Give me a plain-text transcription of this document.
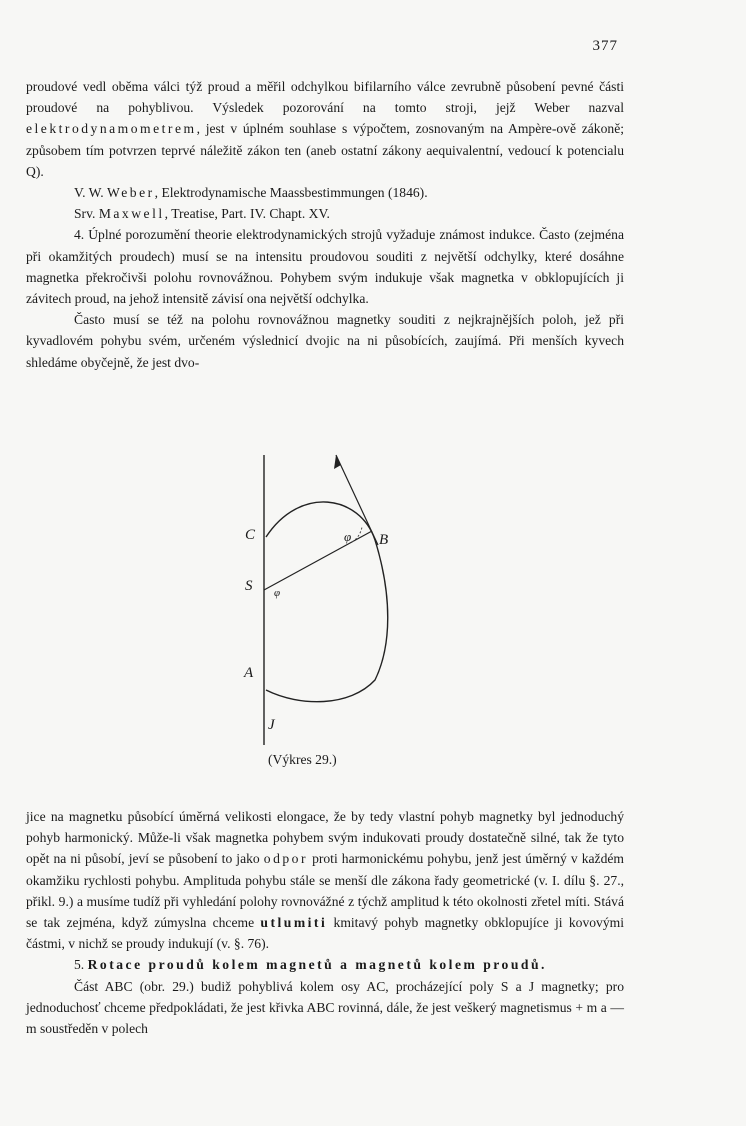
377

proudové vedl oběma válci týž proud a měřil odchylkou bifilarního válce zevrubně působení pevné části proudové na pohyblivou. Výsledek pozorování na tomto stroji, jejž Weber nazval elektrodynamometrem, jest v úplném souhlase s výpočtem, zosnovaným na Ampère-ově zákoně; způsobem tím potvrzen teprvé náležitě zákon ten (aneb ostatní zákony aequivalentní, vedoucí k potencialu Q).

V. W. Weber, Elektrodynamische Maassbestimmungen (1846).

Srv. Maxwell, Treatise, Part. IV. Chapt. XV.

4. Úplné porozumění theorie elektrodynamických strojů vyžaduje známost indukce. Často (zejména při okamžitých proudech) musí se na intensitu proudovou souditi z největší odchylky, které dosáhne magnetka překročivši polohu rovnovážnou. Pohybem svým indukuje však magnetka v obklopujících ji závitech proud, na jehož intensitě závisí ona největší odchylka.

Často musí se též na polohu rovnovážnou magnetky souditi z nejkrajnějších poloh, jež při kyvadlovém pohybu svém, určeném výslednicí dvojic na ni působících, zaujímá. Při menších kyvech shledáme obyčejně, že jest dvo-

C
S
A
J
B
φ
φ
(Výkres 29.)

jice na magnetku působící úměrná velikosti elongace, že by tedy vlastní pohyb magnetky byl jednoduchý pohyb harmonický. Může-li však magnetka pohybem svým indukovati proudy dostatečně silné, tak že tyto opět na ni působí, jeví se působení to jako odpor proti harmonickému pohybu, jenž jest úměrný v každém okamžiku rychlosti pohybu. Amplituda pohybu stále se menší dle zákona řady geometrické (v. I. dílu §. 27., přikl. 9.) a musíme tudíž při vyhledání polohy rovnovážné z týchž amplitud k této okolnosti zřetel míti. Stává se tak zejména, když zúmyslna chceme utlumiti kmitavý pohyb magnetky obklopujíce ji kovovými částmi, v nichž se proudy indukují (v. §. 76).

5. Rotace proudů kolem magnetů a magnetů kolem proudů.

Část ABC (obr. 29.) budiž pohyblivá kolem osy AC, procházející poly S a J magnetky; pro jednoduchosť chceme předpokládati, že jest křivka ABC rovinná, dále, že jest veškerý magnetismus + m a — m soustředěn v polech
